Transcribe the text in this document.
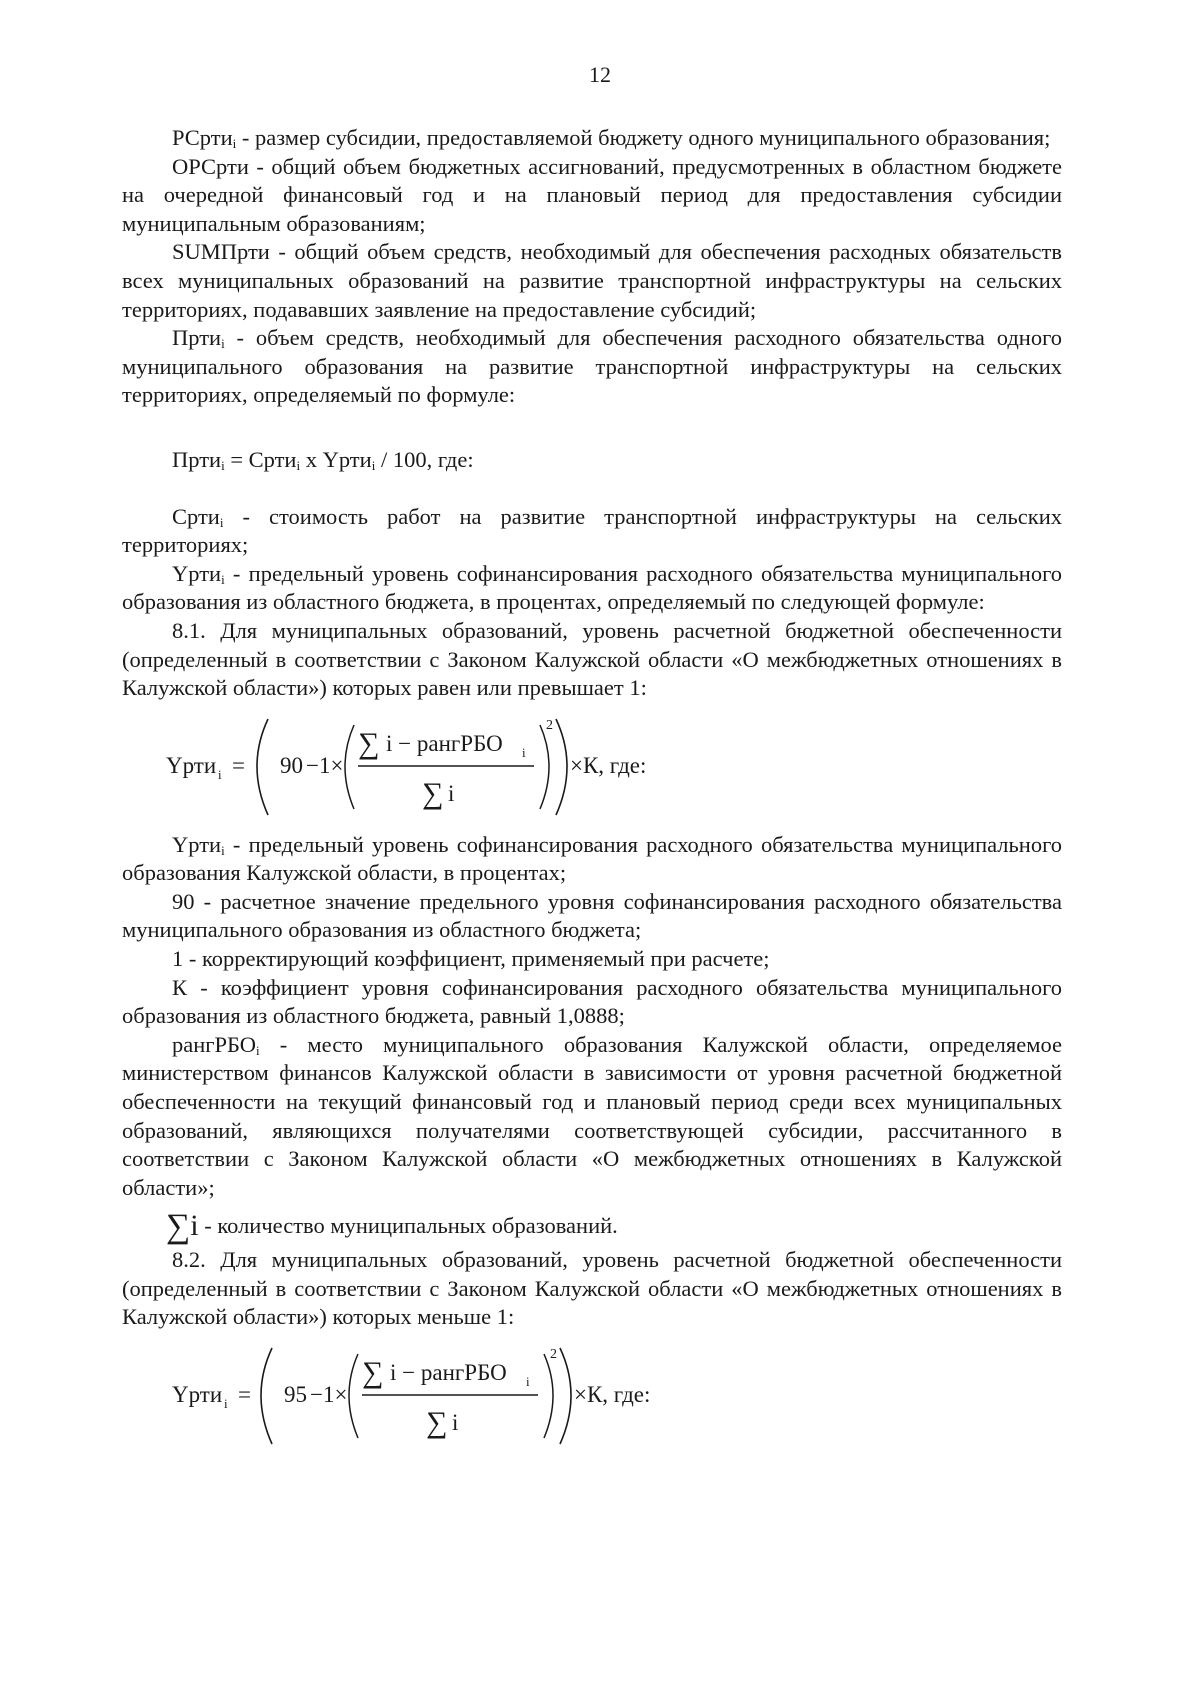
12

РСрти$_i$ - размер субсидии, предоставляемой бюджету одного муниципального образования;

ОРСрти - общий объем бюджетных ассигнований, предусмотренных в областном бюджете на очередной финансовый год и на плановый период для предоставления субсидии муниципальным образованиям;

SUMПрти - общий объем средств, необходимый для обеспечения расходных обязательств всех муниципальных образований на развитие транспортной инфраструктуры на сельских территориях, подававших заявление на предоставление субсидий;

Прти$_i$ - объем средств, необходимый для обеспечения расходного обязательства одного муниципального образования на развитие транспортной инфраструктуры на сельских территориях, определяемый по формуле:

Прти$_i$ = Срти$_i$ х Yрти$_i$ / 100, где:

Срти$_i$ - стоимость работ на развитие транспортной инфраструктуры на сельских территориях;

Yрти$_i$ - предельный уровень софинансирования расходного обязательства муниципального образования из областного бюджета, в процентах, определяемый по следующей формуле:

8.1. Для муниципальных образований, уровень расчетной бюджетной обеспеченности (определенный в соответствии с Законом Калужской области «О межбюджетных отношениях в Калужской области») которых равен или превышает 1:

Yрти i = 90 −1×
∑ i − рангРБО i
∑ i
2
×К, где:

Yрти$_i$ - предельный уровень софинансирования расходного обязательства муниципального образования Калужской области, в процентах;

90 - расчетное значение предельного уровня софинансирования расходного обязательства муниципального образования из областного бюджета;

1 - корректирующий коэффициент, применяемый при расчете;

К - коэффициент уровня софинансирования расходного обязательства муниципального образования из областного бюджета, равный 1,0888;

рангРБО$_i$ - место муниципального образования Калужской области, определяемое министерством финансов Калужской области в зависимости от уровня расчетной бюджетной обеспеченности на текущий финансовый год и плановый период среди всех муниципальных образований, являющихся получателями соответствующей субсидии, рассчитанного в соответствии с Законом Калужской области «О межбюджетных отношениях в Калужской области»;

∑i - количество муниципальных образований.

8.2. Для муниципальных образований, уровень расчетной бюджетной обеспеченности (определенный в соответствии с Законом Калужской области «О межбюджетных отношениях в Калужской области») которых меньше 1:

Yрти i = 95 −1×
∑ i − рангРБО i
∑ i
2
×К, где:
